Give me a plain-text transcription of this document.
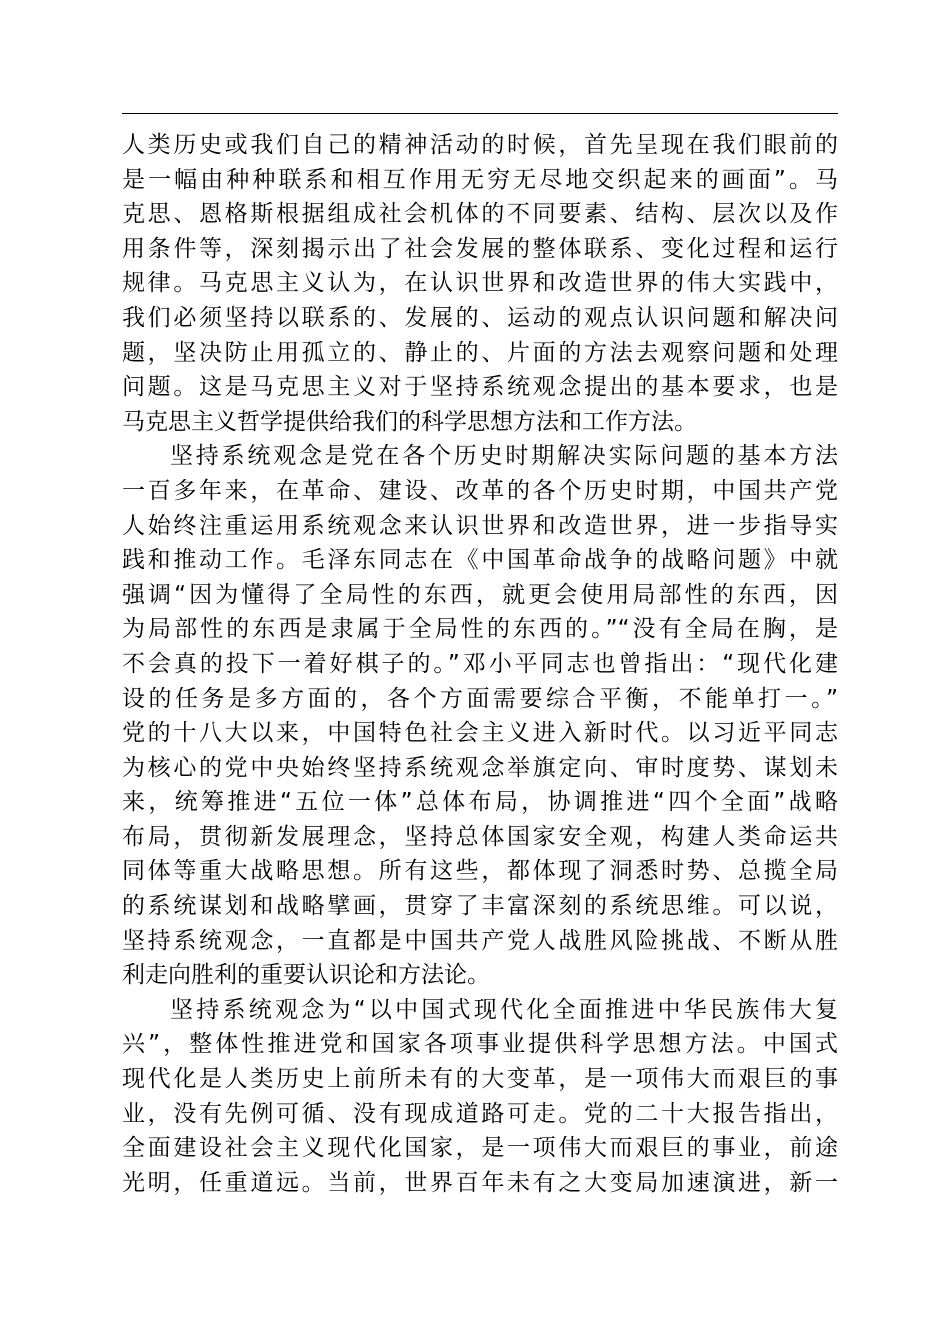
人类历史或我们自己的精神活动的时候，首先呈现在我们眼前的
是一幅由种种联系和相互作用无穷无尽地交织起来的画面”。马
克思、恩格斯根据组成社会机体的不同要素、结构、层次以及作
用条件等，深刻揭示出了社会发展的整体联系、变化过程和运行
规律。马克思主义认为，在认识世界和改造世界的伟大实践中，
我们必须坚持以联系的、发展的、运动的观点认识问题和解决问
题，坚决防止用孤立的、静止的、片面的方法去观察问题和处理
问题。这是马克思主义对于坚持系统观念提出的基本要求，也是
马克思主义哲学提供给我们的科学思想方法和工作方法。
坚持系统观念是党在各个历史时期解决实际问题的基本方法
一百多年来，在革命、建设、改革的各个历史时期，中国共产党
人始终注重运用系统观念来认识世界和改造世界，进一步指导实
践和推动工作。毛泽东同志在《中国革命战争的战略问题》中就
强调“因为懂得了全局性的东西，就更会使用局部性的东西，因
为局部性的东西是隶属于全局性的东西的。”“没有全局在胸，是
不会真的投下一着好棋子的。”邓小平同志也曾指出：“现代化建
设的任务是多方面的，各个方面需要综合平衡，不能单打一。”
党的十八大以来，中国特色社会主义进入新时代。以习近平同志
为核心的党中央始终坚持系统观念举旗定向、审时度势、谋划未
来，统筹推进“五位一体”总体布局，协调推进“四个全面”战略
布局，贯彻新发展理念，坚持总体国家安全观，构建人类命运共
同体等重大战略思想。所有这些，都体现了洞悉时势、总揽全局
的系统谋划和战略擘画，贯穿了丰富深刻的系统思维。可以说，
坚持系统观念，一直都是中国共产党人战胜风险挑战、不断从胜
利走向胜利的重要认识论和方法论。
坚持系统观念为“以中国式现代化全面推进中华民族伟大复
兴”，整体性推进党和国家各项事业提供科学思想方法。中国式
现代化是人类历史上前所未有的大变革，是一项伟大而艰巨的事
业，没有先例可循、没有现成道路可走。党的二十大报告指出，
全面建设社会主义现代化国家，是一项伟大而艰巨的事业，前途
光明，任重道远。当前，世界百年未有之大变局加速演进，新一
